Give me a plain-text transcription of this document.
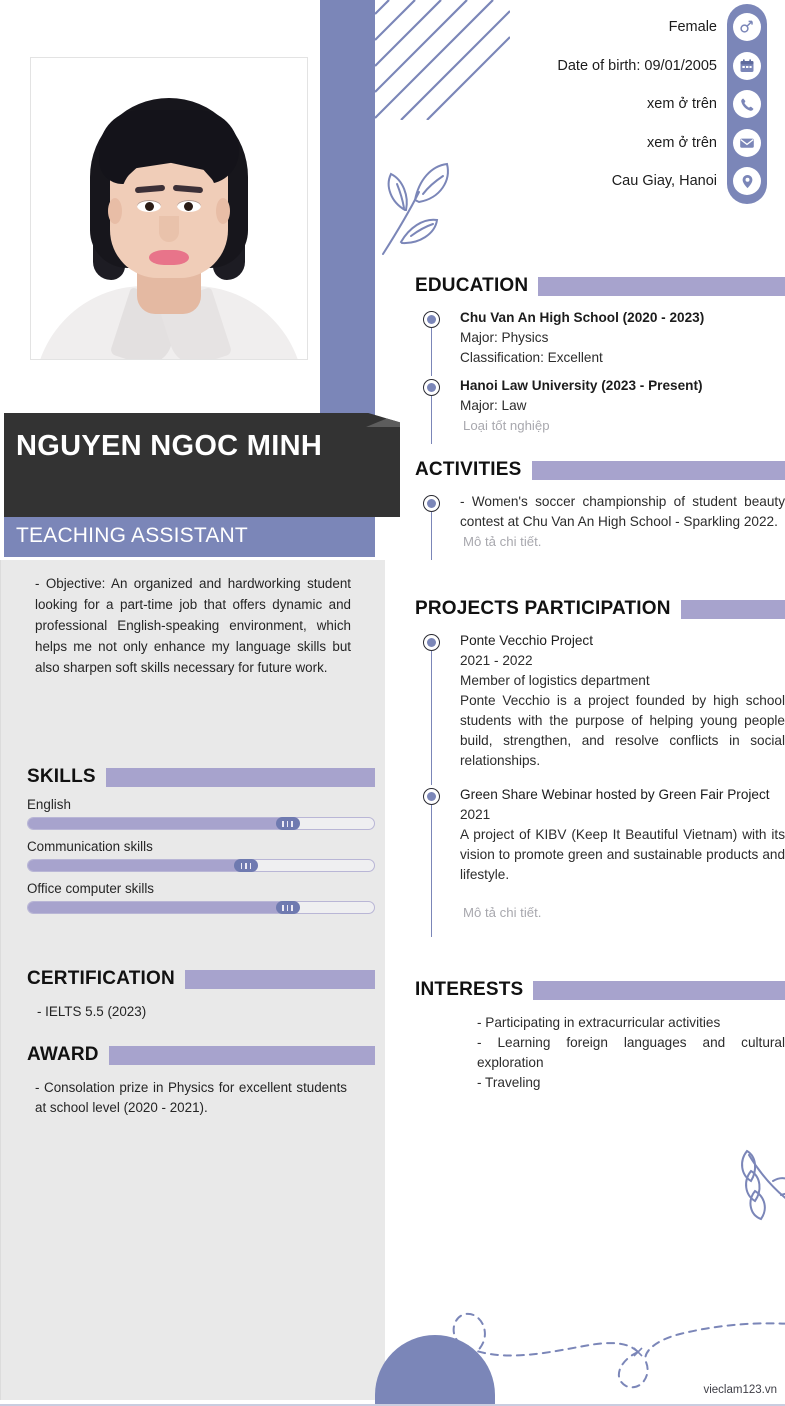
Female
Date of birth: 09/01/2005
xem ở trên
xem ở trên
Cau Giay, Hanoi
NGUYEN NGOC MINH
TEACHING ASSISTANT
- Objective: An organized and hardworking student looking for a part-time job that offers dynamic and professional English-speaking environment, which helps me not only enhance my language skills but also sharpen soft skills necessary for future work.
SKILLS
English
Communication skills
Office computer skills
CERTIFICATION
- IELTS 5.5 (2023)
AWARD
- Consolation prize in Physics for excellent students at school level (2020 - 2021).
EDUCATION
Chu Van An High School (2020 - 2023)
Major: Physics
Classification: Excellent
Hanoi Law University (2023 - Present)
Major: Law
Loại tốt nghiệp
ACTIVITIES
- Women's soccer championship of student beauty contest at Chu Van An High School - Sparkling 2022.
Mô tả chi tiết.
PROJECTS PARTICIPATION
Ponte Vecchio Project
2021 - 2022
Member of logistics department
Ponte Vecchio is a project founded by high school students with the purpose of helping young people build, strengthen, and resolve conflicts in social relationships.
Green Share Webinar hosted by Green Fair Project
2021
A project of KIBV (Keep It Beautiful Vietnam) with its vision to promote green and sustainable products and lifestyle.
Mô tả chi tiết.
INTERESTS
- Participating in extracurricular activities
- Learning foreign languages and cultural exploration
- Traveling
vieclam123.vn
